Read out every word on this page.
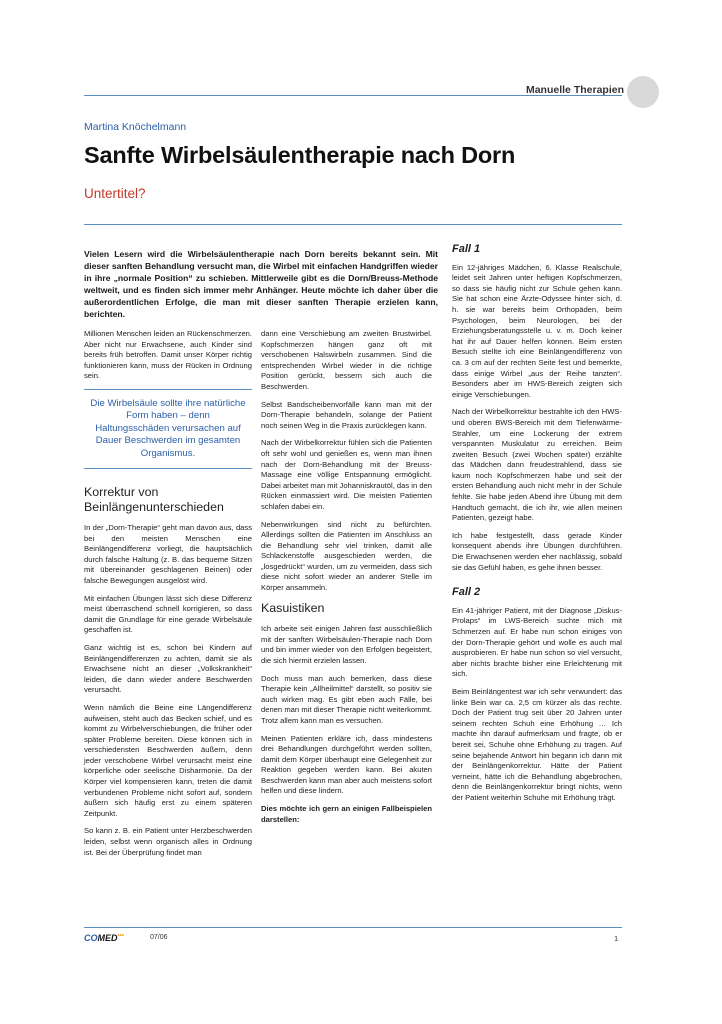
Manuelle Therapien
Martina Knöchelmann
Sanfte Wirbelsäulentherapie nach Dorn
Untertitel?
Vielen Lesern wird die Wirbelsäulentherapie nach Dorn bereits bekannt sein. Mit dieser sanften Behandlung versucht man, die Wirbel mit einfachen Handgriffen wieder in ihre „normale Position“ zu schieben. Mittlerweile gibt es die Dorn/Breuss-Methode weltweit, und es finden sich immer mehr Anhänger. Heute möchte ich daher über die außerordentlichen Erfolge, die man mit dieser sanften Therapie erzielen kann, berichten.

Millionen Menschen leiden an Rückenschmerzen. Aber nicht nur Erwachsene, auch Kinder sind bereits früh betroffen. Damit unser Körper richtig funktionieren kann, muss der Rücken in Ordnung sein.

Die Wirbelsäule sollte ihre natürliche Form haben – denn Haltungsschäden verursachen auf Dauer Beschwerden im gesamten Organismus.
Korrektur von Beinlängenunterschieden

In der „Dorn-Therapie“ geht man davon aus, dass bei den meisten Menschen eine Beinlängendifferenz vorliegt, die hauptsächlich durch falsche Haltung (z. B. das bequeme Sitzen mit übereinander geschlagenen Beinen) oder falsche Bewegungen ausgelöst wird.

Mit einfachen Übungen lässt sich diese Differenz meist überraschend schnell korrigieren, so dass damit die Grundlage für eine gerade Wirbelsäule geschaffen ist.

Ganz wichtig ist es, schon bei Kindern auf Beinlängendifferenzen zu achten, damit sie als Erwachsene nicht an dieser „Volkskrankheit“ leiden, die dann wieder andere Beschwerden verursacht.

Wenn nämlich die Beine eine Längendifferenz aufweisen, steht auch das Becken schief, und es kommt zu Wirbelverschiebungen, die früher oder später Probleme bereiten. Diese können sich in verschiedensten Beschwerden äußern, denn jeder verschobene Wirbel verursacht meist eine körperliche oder seelische Disharmonie. Da der Körper viel kompensieren kann, treten die damit verbundenen Probleme nicht sofort auf, sondern äußern sich häufig erst zu einem späteren Zeitpunkt.

So kann z. B. ein Patient unter Herzbeschwerden leiden, selbst wenn organisch alles in Ordnung ist. Bei der Überprüfung findet man

dann eine Verschiebung am zweiten Brustwirbel. Kopfschmerzen hängen ganz oft mit verschobenen Halswirbeln zusammen. Sind die entsprechenden Wirbel wieder in die richtige Position gerückt, bessern sich auch die Beschwerden.

Selbst Bandscheibenvorfälle kann man mit der Dorn-Therapie behandeln, solange der Patient noch seinen Weg in die Praxis zurücklegen kann.

Nach der Wirbelkorrektur fühlen sich die Patienten oft sehr wohl und genießen es, wenn man ihnen nach der Dorn-Behandlung mit der Breuss-Massage eine völlige Entspannung ermöglicht. Dabei arbeitet man mit Johanniskrautöl, das in den Rücken einmassiert wird. Die meisten Patienten schlafen dabei ein.

Nebenwirkungen sind nicht zu befürchten. Allerdings sollten die Patienten im Anschluss an die Behandlung sehr viel trinken, damit alle Schlackenstoffe ausgeschieden werden, die „losgedrückt“ wurden, um zu vermeiden, dass sich diese nicht sofort wieder an anderer Stelle im Körper ansammeln.

Kasuistiken

Ich arbeite seit einigen Jahren fast ausschließlich mit der sanften Wirbelsäulen-Therapie nach Dorn und bin immer wieder von den Erfolgen begeistert, die sich hiermit erzielen lassen.

Doch muss man auch bemerken, dass diese Therapie kein „Allheilmittel“ darstellt, so positiv sie auch wirken mag. Es gibt eben auch Fälle, bei denen man mit dieser Therapie nicht weiterkommt. Trotz allem kann man es versuchen.

Meinen Patienten erkläre ich, dass mindestens drei Behandlungen durchgeführt werden sollten, damit dem Körper überhaupt eine Gelegenheit zur Reaktion gegeben werden kann. Bei akuten Beschwerden kann man aber auch meistens sofort helfen und diese lindern.

Dies möchte ich gern an einigen Fallbeispielen darstellen:

Fall 1

Ein 12-jähriges Mädchen, 6. Klasse Realschule, leidet seit Jahren unter heftigen Kopfschmerzen, so dass sie häufig nicht zur Schule gehen kann. Sie hat schon eine Ärzte-Odyssee hinter sich, d. h. sie war bereits beim Orthopäden, beim Psychologen, beim Neurologen, bei der Erziehungsberatungsstelle u. v. m. Doch keiner hat ihr auf Dauer helfen können. Beim ersten Besuch stellte ich eine Beinlängendifferenz von ca. 3 cm auf der rechten Seite fest und bemerkte, dass einige Wirbel „aus der Reihe tanzten“. Besonders aber im HWS-Bereich zeigten sich einige Verschiebungen.

Nach der Wirbelkorrektur bestrahlte ich den HWS- und oberen BWS-Bereich mit dem Tiefenwärme-Strahler, um eine Lockerung der extrem verspannten Muskulatur zu erreichen. Beim zweiten Besuch (zwei Wochen später) erzählte das Mädchen dann freudestrahlend, dass sie kaum noch Kopfschmerzen habe und seit der ersten Behandlung auch nicht mehr in der Schule fehlte. Sie habe jeden Abend ihre Übung mit dem Handtuch gemacht, die ich ihr, wie allen meinen Patienten, gezeigt habe.

Ich habe festgestellt, dass gerade Kinder konsequent abends ihre Übungen durchführen. Die Erwachsenen werden eher nachlässig, sobald sie das Gefühl haben, es gehe ihnen besser.

Fall 2

Ein 41-jähriger Patient, mit der Diagnose „Diskus-Prolaps“ im LWS-Bereich suchte mich mit Schmerzen auf. Er habe nun schon einiges von der Dorn-Therapie gehört und wolle es auch mal ausprobieren. Er habe nun schon so viel versucht, aber nichts brachte bisher eine Erleichterung mit sich.

Beim Beinlängentest war ich sehr verwundert: das linke Bein war ca. 2,5 cm kürzer als das rechte. Doch der Patient trug seit über 20 Jahren unter seinem rechten Schuh eine Erhöhung … Ich machte ihn darauf aufmerksam und fragte, ob er bereit sei, Schuhe ohne Erhöhung zu tragen. Auf seine bejahende Antwort hin begann ich dann mit der Beinlängenkorrektur. Hätte der Patient verneint, hätte ich die Behandlung abgebrochen, denn die Beinlängenkorrektur bringt nichts, wenn der Patient weiterhin Schuhe mit Erhöhung trägt.

COMED•••	07/06	1
